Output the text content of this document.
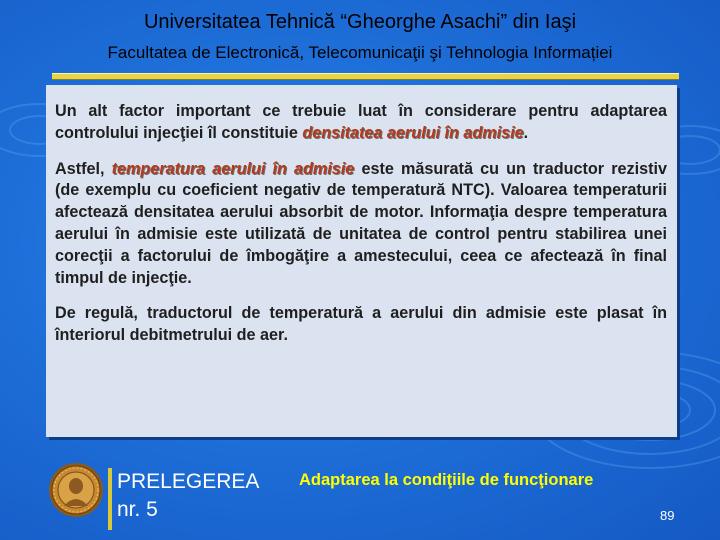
Universitatea Tehnică “Gheorghe Asachi” din Iaşi
Facultatea de Electronică, Telecomunicaţii şi Tehnologia Informației

Un alt factor important ce trebuie luat în considerare pentru adaptarea controlului injecţiei îl constituie densitatea aerului în admisie.

Astfel, temperatura aerului în admisie este măsurată cu un traductor rezistiv (de exemplu cu coeficient negativ de temperatură NTC). Valoarea temperaturii afectează densitatea aerului absorbit de motor. Informaţia despre temperatura aerului în admisie este utilizată de unitatea de control pentru stabilirea unei corecţii a factorului de îmbogăţire a amestecului, ceea ce afectează în final timpul de injecţie.

De regulă, traductorul de temperatură a aerului din admisie este plasat în înteriorul debitmetrului de aer.

PRELEGEREA
nr. 5
Adaptarea la condiţiile de funcţionare
89
